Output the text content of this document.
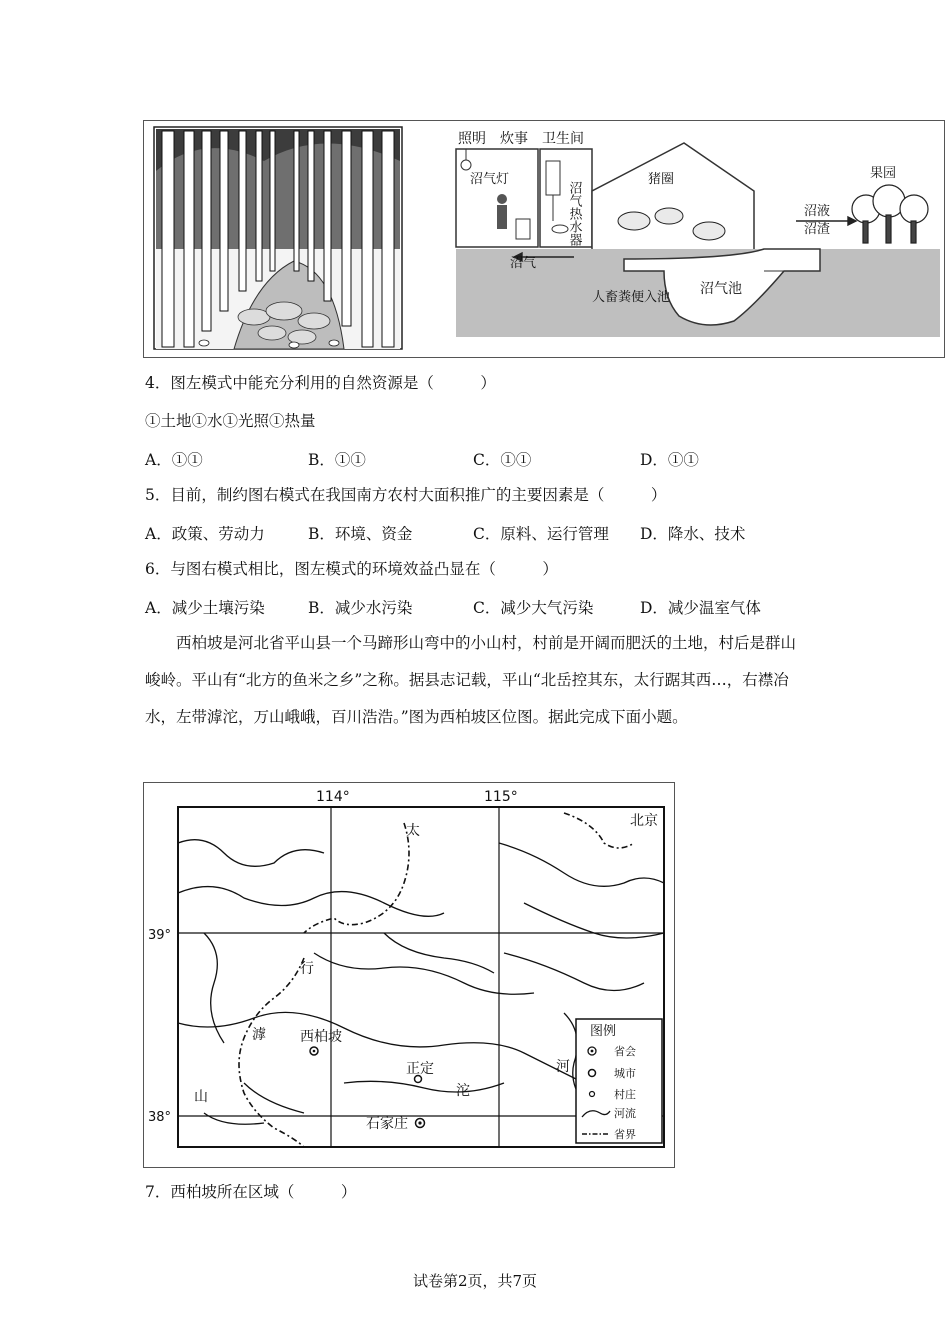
照明 炊事 卫生间
沼气灯
沼气热水器
猪圈	果园
沼液
沼渣
沼气
人畜粪便入池
沼气池
4．图左模式中能充分利用的自然资源是（　　　）
①土地①水①光照①热量
A．①①	B．①①	C．①①	D．①①
5．目前，制约图右模式在我国南方农村大面积推广的主要因素是（　　　）
A．政策、劳动力	B．环境、资金	C．原料、运行管理 D．降水、技术
6．与图右模式相比，图左模式的环境效益凸显在（　　　）
A．减少土壤污染	B．减少水污染	C．减少大气污染	D．减少温室气体
西柏坡是河北省平山县一个马蹄形山弯中的小山村，村前是开阔而肥沃的土地，村后是群山峻岭。平山有“北方的鱼米之乡”之称。据县志记载，平山“北岳控其东，太行踞其西…，右襟冶水，左带滹沱，万山峨峨，百川浩浩。”图为西柏坡区位图。据此完成下面小题。
114°	115°
39°
38°
北京
太
行
山
滹
沱
河
西柏坡
正定
石家庄
图例
省会
城市
村庄
河流
省界
7．西柏坡所在区域（　　　）
试卷第2页，共7页
